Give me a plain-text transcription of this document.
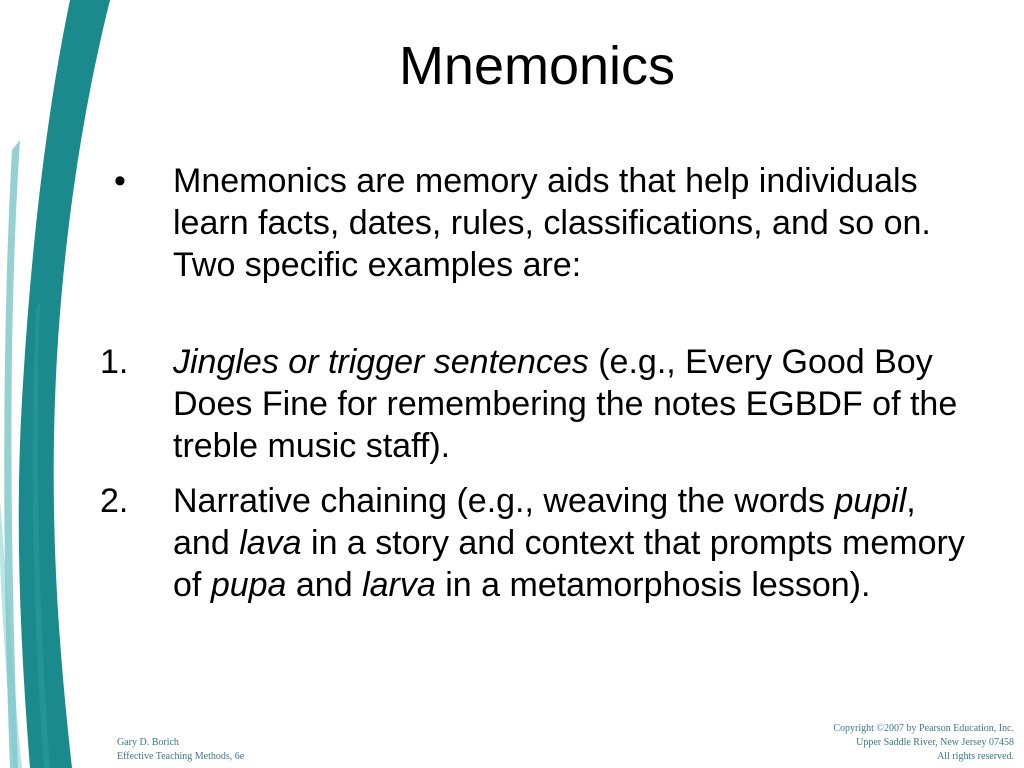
Mnemonics
•	Mnemonics are memory aids that help individuals learn facts, dates, rules, classifications, and so on. Two specific examples are:
1.	Jingles or trigger sentences (e.g., Every Good Boy Does Fine for remembering the notes EGBDF of the treble music staff).
2.	Narrative chaining (e.g., weaving the words pupil, and lava in a story and context that prompts memory of pupa and larva in a metamorphosis lesson).
Gary D. Borich
Effective Teaching Methods, 6e
Copyright ©2007 by Pearson Education, Inc.
Upper Saddle River, New Jersey 07458
All rights reserved.
